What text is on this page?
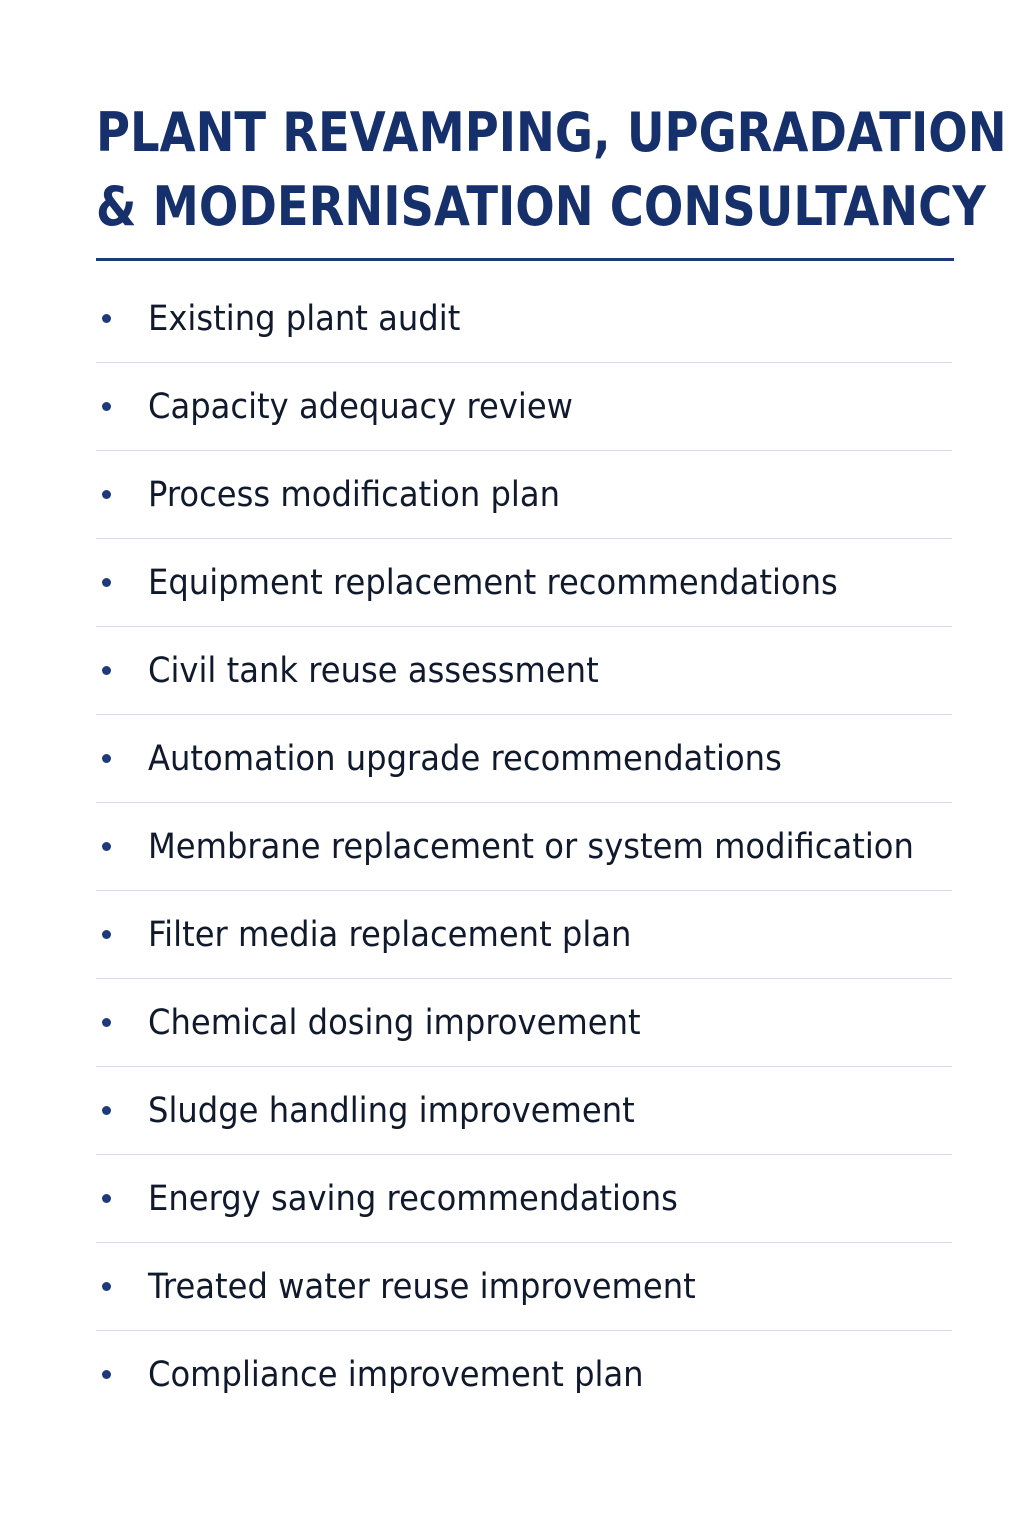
PLANT REVAMPING, UPGRADATION
& MODERNISATION CONSULTANCY
Existing plant audit
Capacity adequacy review
Process modification plan
Equipment replacement recommendations
Civil tank reuse assessment
Automation upgrade recommendations
Membrane replacement or system modification
Filter media replacement plan
Chemical dosing improvement
Sludge handling improvement
Energy saving recommendations
Treated water reuse improvement
Compliance improvement plan
